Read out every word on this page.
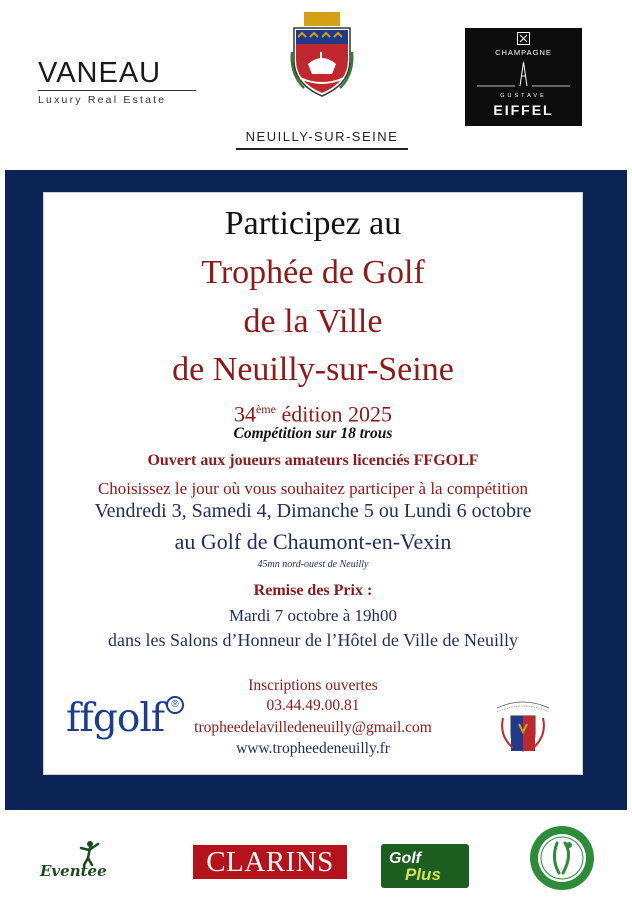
VANEAU
Luxury Real Estate
NEUILLY-SUR-SEINE
CHAMPAGNE
GUSTAVE
EIFFEL
Participez au
Trophée de Golf
de la Ville
de Neuilly-sur-Seine
34ème édition 2025
Compétition sur 18 trous
Ouvert aux joueurs amateurs licenciés FFGOLF
Choisissez le jour où vous souhaitez participer à la compétition
Vendredi 3, Samedi 4, Dimanche 5 ou Lundi 6 octobre
au Golf de Chaumont-en-Vexin
45mn nord-ouest de Neuilly
Remise des Prix :
Mardi 7 octobre à 19h00
dans les Salons d’Honneur de l’Hôtel de Ville de Neuilly
Inscriptions ouvertes
03.44.49.00.81
tropheedelavilledeneuilly@gmail.com
www.tropheedeneuilly.fr
ffgolf ®
Eventee	CLARINS	Golf
Plus
